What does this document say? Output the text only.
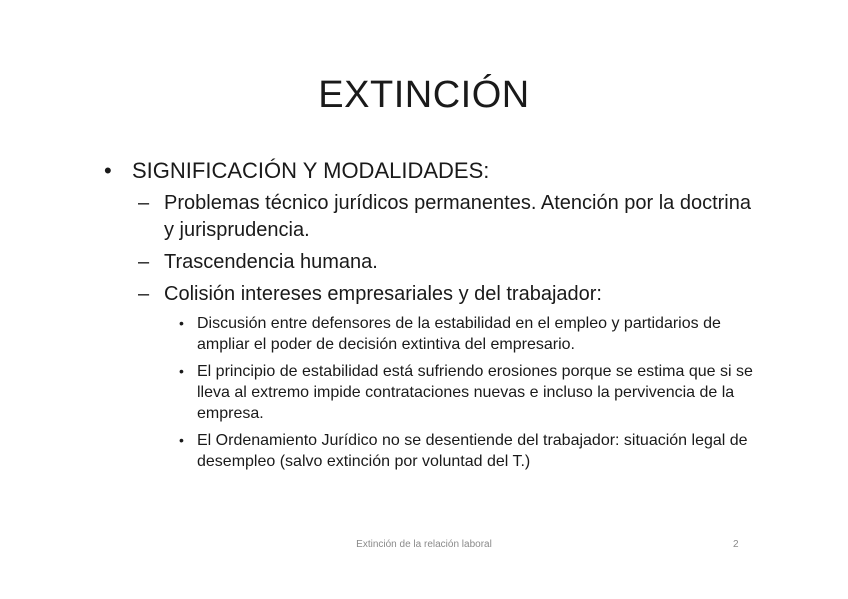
EXTINCIÓN
• SIGNIFICACIÓN Y MODALIDADES:
– Problemas técnico jurídicos permanentes. Atención por la doctrina y jurisprudencia.
– Trascendencia humana.
– Colisión intereses empresariales y del trabajador:
• Discusión entre defensores de la estabilidad en el empleo y partidarios de ampliar el poder de decisión extintiva del empresario.
• El principio de estabilidad está sufriendo erosiones porque se estima que si se lleva al extremo impide contrataciones nuevas e incluso la pervivencia de la empresa.
• El Ordenamiento Jurídico no se desentiende del trabajador: situación legal de desempleo (salvo extinción por voluntad del T.)
Extinción de la relación laboral	2
